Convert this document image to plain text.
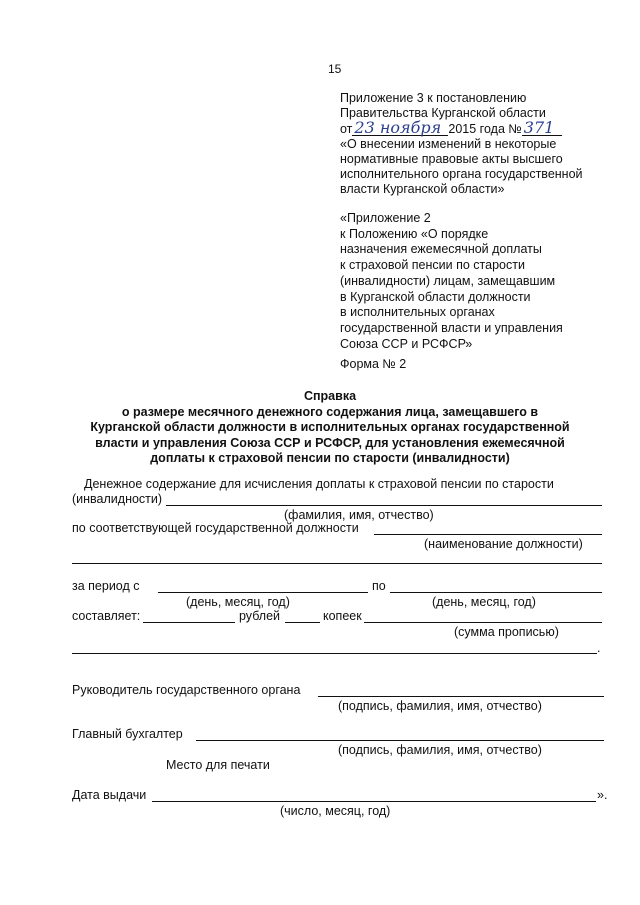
15
Приложение 3 к постановлению
Правительства Курганской области
от 23 ноября 2015 года № 371
«О внесении изменений в некоторые
нормативные правовые акты высшего
исполнительного органа государственной
власти Курганской области»
«Приложение 2
к Положению «О порядке
назначения ежемесячной доплаты
к страховой пенсии по старости
(инвалидности) лицам, замещавшим
в Курганской области должности
в исполнительных органах
государственной власти и управления
Союза ССР и РСФСР»
Форма № 2
Справка
о размере месячного денежного содержания лица, замещавшего в
Курганской области должности в исполнительных органах государственной
власти и управления Союза ССР и РСФСР, для установления ежемесячной
доплаты к страховой пенсии по старости (инвалидности)
Денежное содержание для исчисления доплаты к страховой пенсии по старости
(инвалидности)
(фамилия, имя, отчество)
по соответствующей государственной должности
(наименование должности)
за период с	по
(день, месяц, год)	(день, месяц, год)
составляет:	рублей	копеек
(сумма прописью)
.
Руководитель государственного органа
(подпись, фамилия, имя, отчество)
Главный бухгалтер
(подпись, фамилия, имя, отчество)
Место для печати
Дата выдачи	».
(число, месяц, год)
